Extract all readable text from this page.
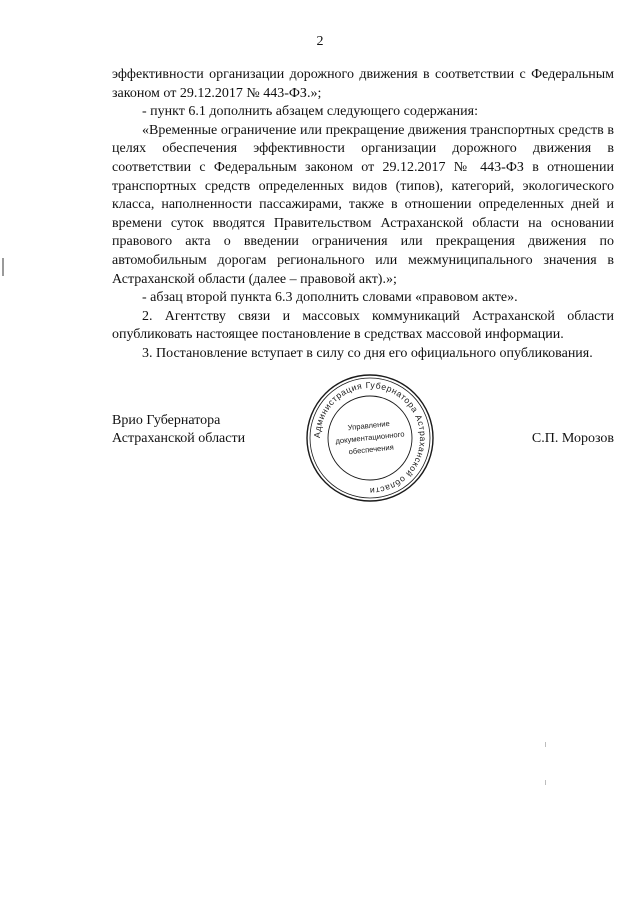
2

эффективности организации дорожного движения в соответствии с Федеральным законом от 29.12.2017 № 443-ФЗ.»;

- пункт 6.1 дополнить абзацем следующего содержания:

«Временные ограничение или прекращение движения транспортных средств в целях обеспечения эффективности организации дорожного движения в соответствии с Федеральным законом от 29.12.2017 № 443-ФЗ в отношении транспортных средств определенных видов (типов), категорий, экологического класса, наполненности пассажирами, также в отношении определенных дней и времени суток вводятся Правительством Астраханской области на основании правового акта о введении ограничения или прекращения движения по автомобильным дорогам регионального или межмуниципального значения в Астраханской области (далее – правовой акт).»;

- абзац второй пункта 6.3 дополнить словами «правовом акте».

2. Агентству связи и массовых коммуникаций Астраханской области опубликовать настоящее постановление в средствах массовой информации.

3. Постановление вступает в силу со дня его официального опубликования.

Администрация Губернатора Астраханской области
Управление
документационного
обеспечения
Врио Губернатора
Астраханской области	С.П. Морозов
